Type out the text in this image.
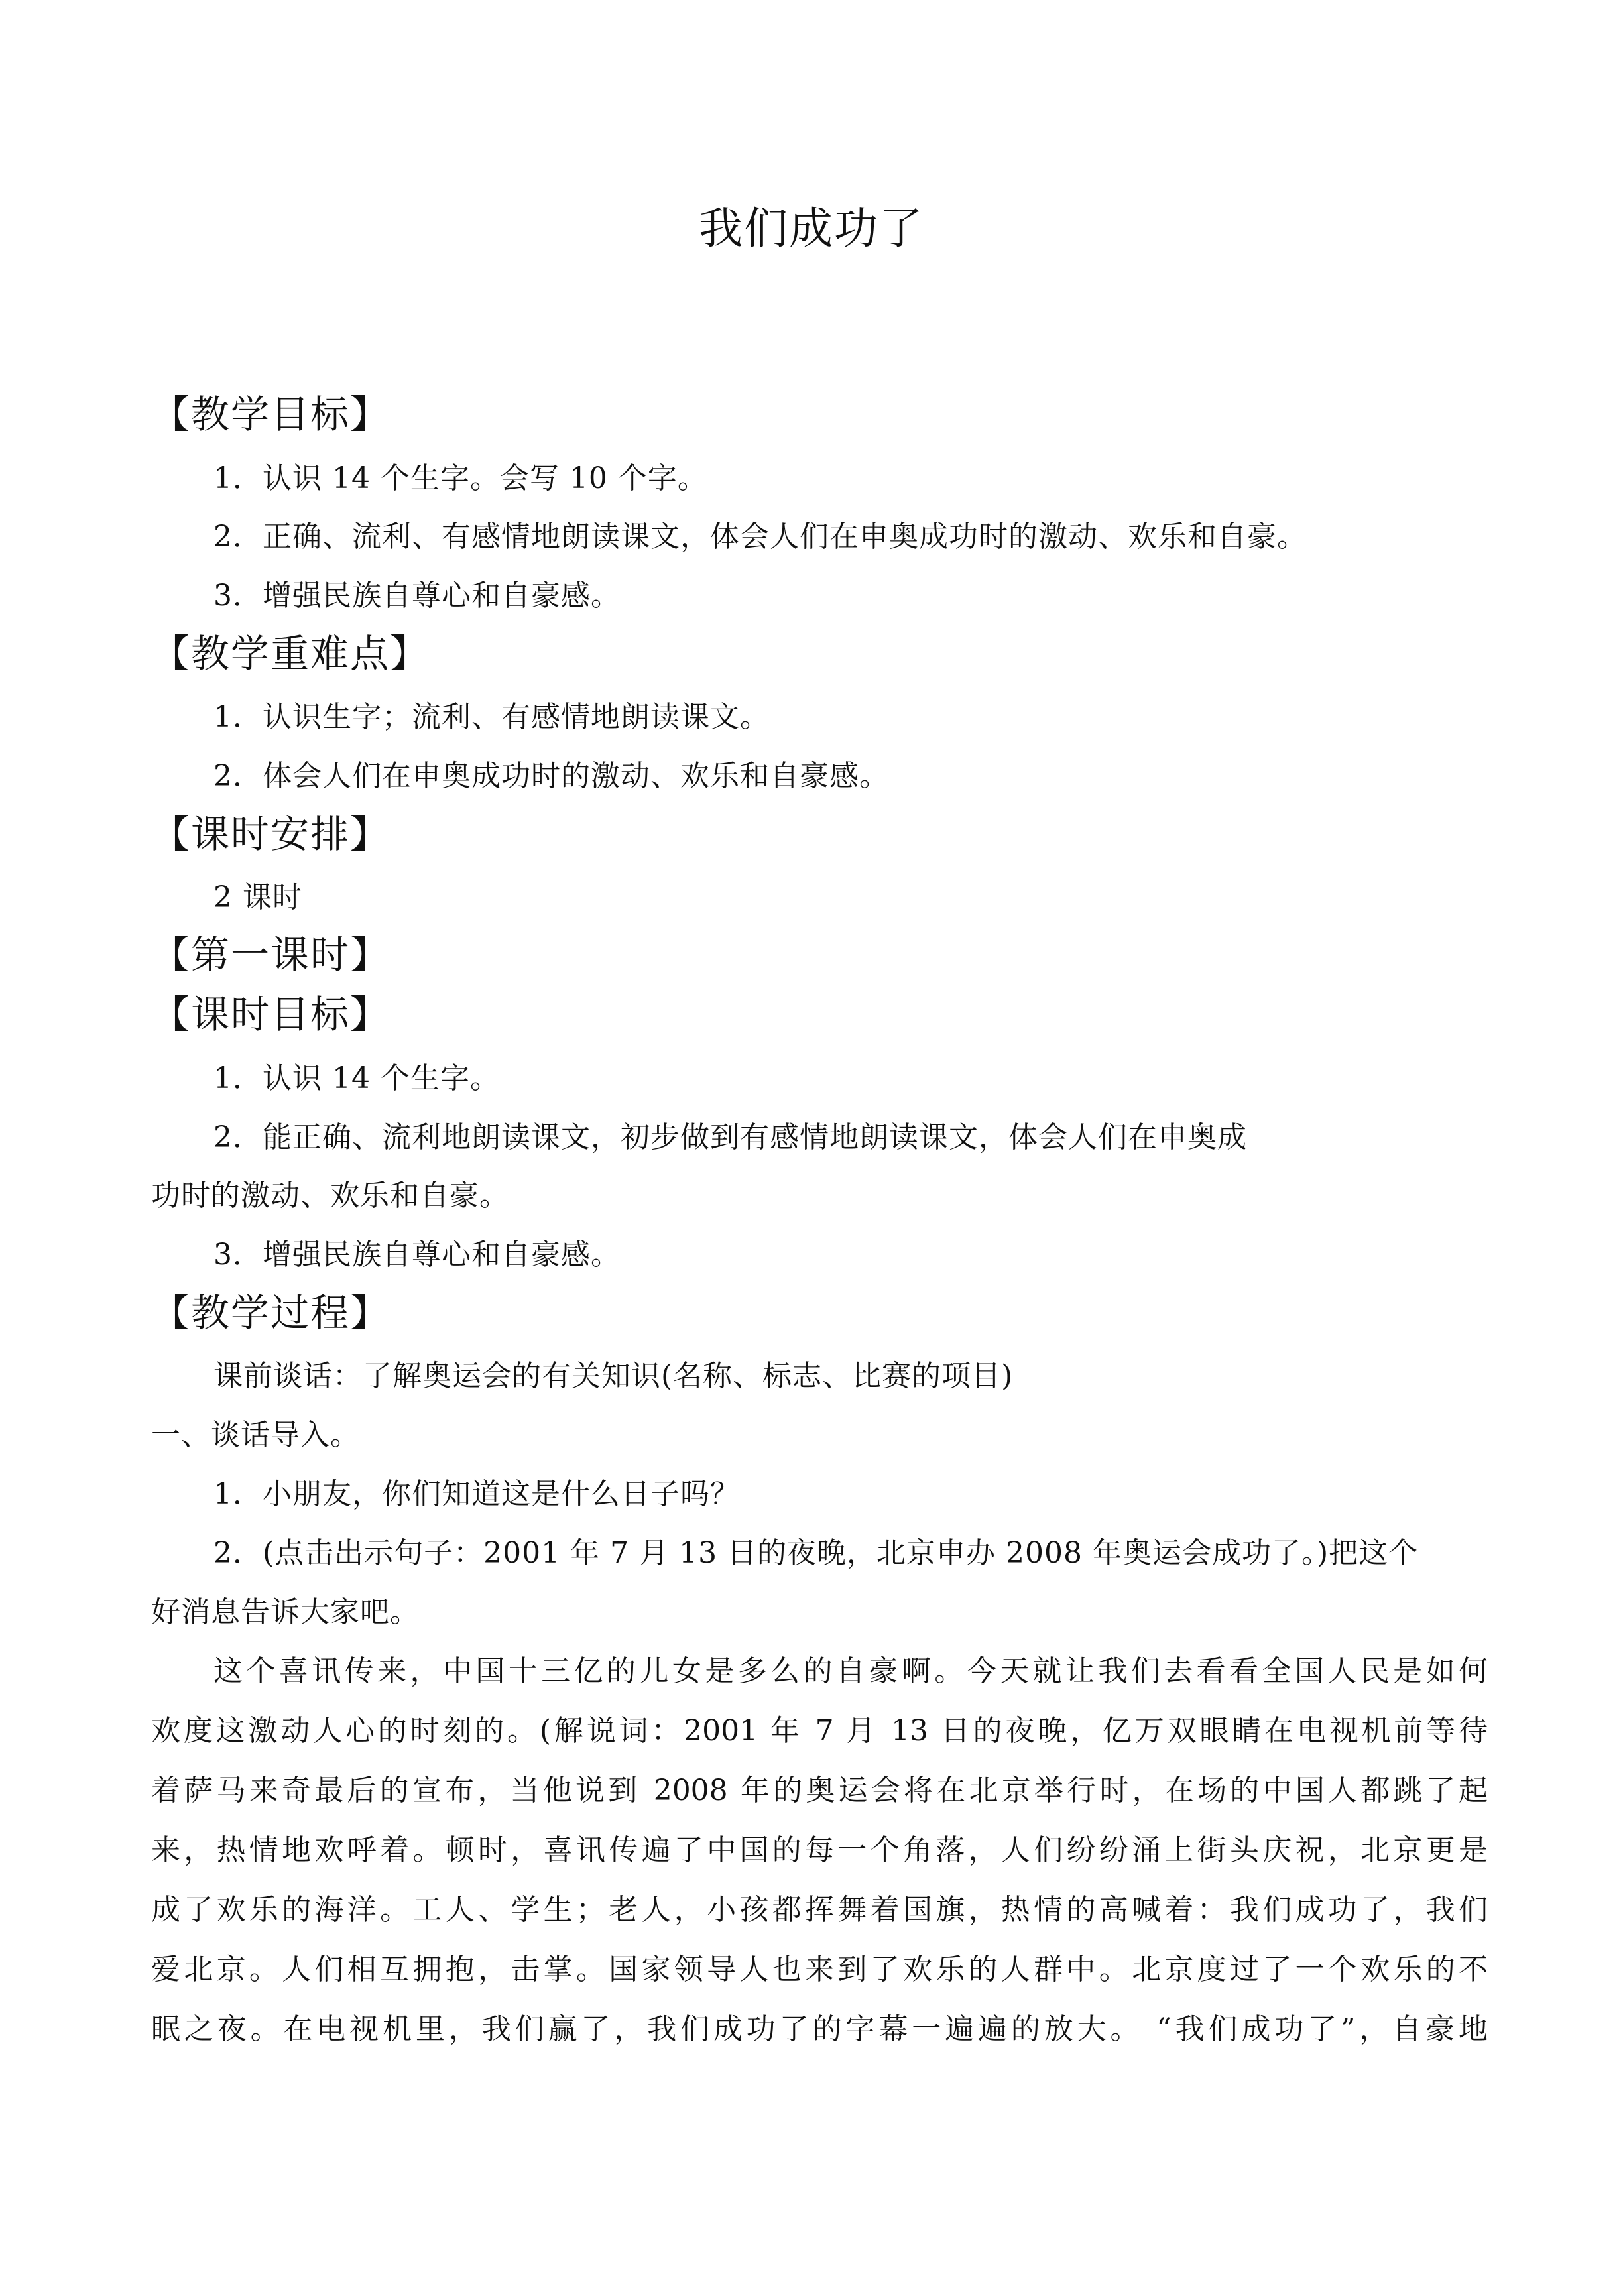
我们成功了
【教学目标】
1．认识 14 个生字。会写 10 个字。
2．正确、流利、有感情地朗读课文，体会人们在申奥成功时的激动、欢乐和自豪。
3．增强民族自尊心和自豪感。
【教学重难点】
1．认识生字；流利、有感情地朗读课文。
2．体会人们在申奥成功时的激动、欢乐和自豪感。
【课时安排】
2 课时
【第一课时】
【课时目标】
1．认识 14 个生字。
2．能正确、流利地朗读课文，初步做到有感情地朗读课文，体会人们在申奥成
功时的激动、欢乐和自豪。
3．增强民族自尊心和自豪感。
【教学过程】
课前谈话：了解奥运会的有关知识(名称、标志、比赛的项目)
一、谈话导入。
1．小朋友，你们知道这是什么日子吗？
2．(点击出示句子：2001 年 7 月 13 日的夜晚，北京申办 2008 年奥运会成功了。)把这个
好消息告诉大家吧。
这个喜讯传来，中国十三亿的儿女是多么的自豪啊。今天就让我们去看看全国人民是如何
欢度这激动人心的时刻的。(解说词：2001 年 7 月 13 日的夜晚，亿万双眼睛在电视机前等待
着萨马来奇最后的宣布，当他说到 2008 年的奥运会将在北京举行时，在场的中国人都跳了起
来，热情地欢呼着。顿时，喜讯传遍了中国的每一个角落，人们纷纷涌上街头庆祝，北京更是
成了欢乐的海洋。工人、学生；老人，小孩都挥舞着国旗，热情的高喊着：我们成功了，我们
爱北京。人们相互拥抱，击掌。国家领导人也来到了欢乐的人群中。北京度过了一个欢乐的不
眠之夜。在电视机里，我们赢了，我们成功了的字幕一遍遍的放大。 “我们成功了”，自豪地
